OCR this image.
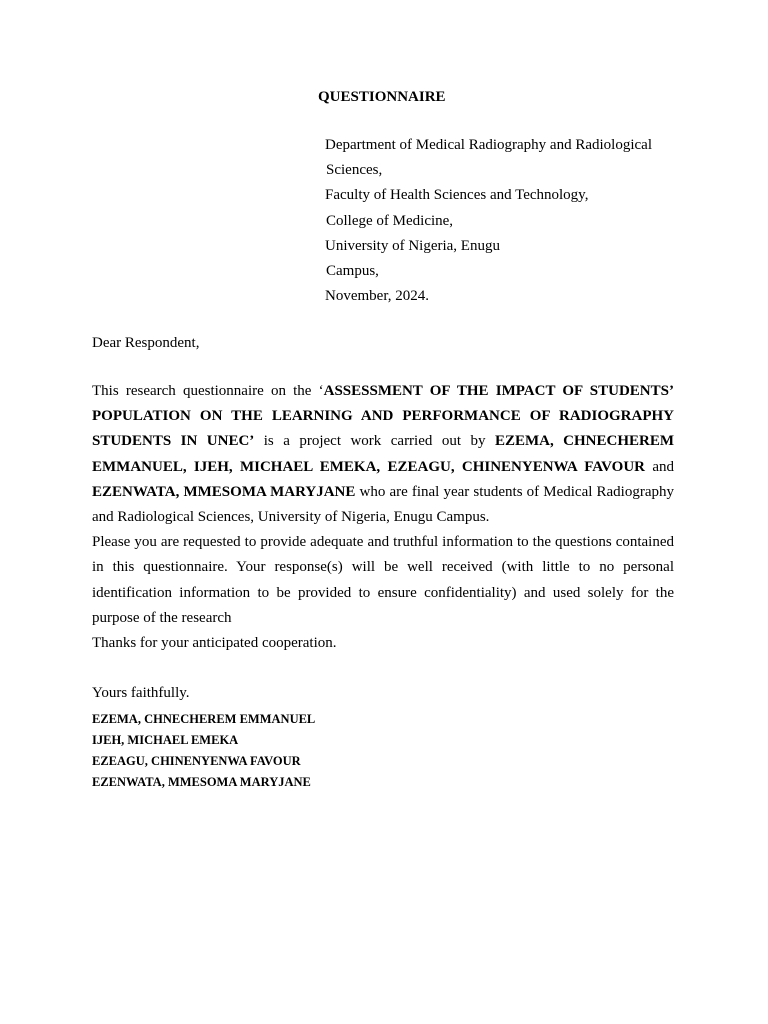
QUESTIONNAIRE
Department of Medical Radiography and Radiological
Sciences,
Faculty of Health Sciences and Technology,
College of Medicine,
University of Nigeria, Enugu
Campus,
November, 2024.
Dear Respondent,

This research questionnaire on the ‘ASSESSMENT OF THE IMPACT OF STUDENTS’ POPULATION ON THE LEARNING AND PERFORMANCE OF RADIOGRAPHY STUDENTS IN UNEC’ is a project work carried out by EZEMA, CHNECHEREM EMMANUEL, IJEH, MICHAEL EMEKA, EZEAGU, CHINENYENWA FAVOUR and EZENWATA, MMESOMA MARYJANE who are final year students of Medical Radiography and Radiological Sciences, University of Nigeria, Enugu Campus.

Please you are requested to provide adequate and truthful information to the questions contained in this questionnaire. Your response(s) will be well received (with little to no personal identification information to be provided to ensure confidentiality) and used solely for the purpose of the research

Thanks for your anticipated cooperation.

Yours faithfully.
EZEMA, CHNECHEREM EMMANUEL
IJEH, MICHAEL EMEKA
EZEAGU, CHINENYENWA FAVOUR
EZENWATA, MMESOMA MARYJANE
